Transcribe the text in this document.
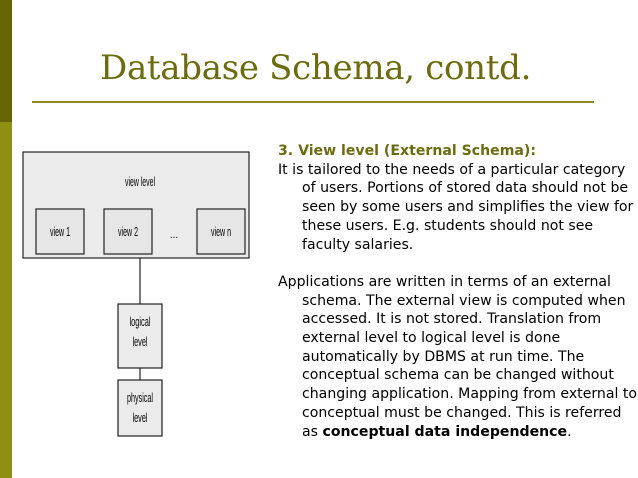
Database Schema, contd.
view level
view 1	view 2	...	view n
logical
level
physical
level

3. View level (External Schema):

It is tailored to the needs of a particular category of users. Portions of stored data should not be seen by some users and simplifies the view for these users. E.g. students should not see faculty salaries.

Applications are written in terms of an external schema. The external view is computed when accessed. It is not stored. Translation from external level to logical level is done automatically by DBMS at run time. The conceptual schema can be changed without changing application. Mapping from external to conceptual must be changed. This is referred as conceptual data independence.
